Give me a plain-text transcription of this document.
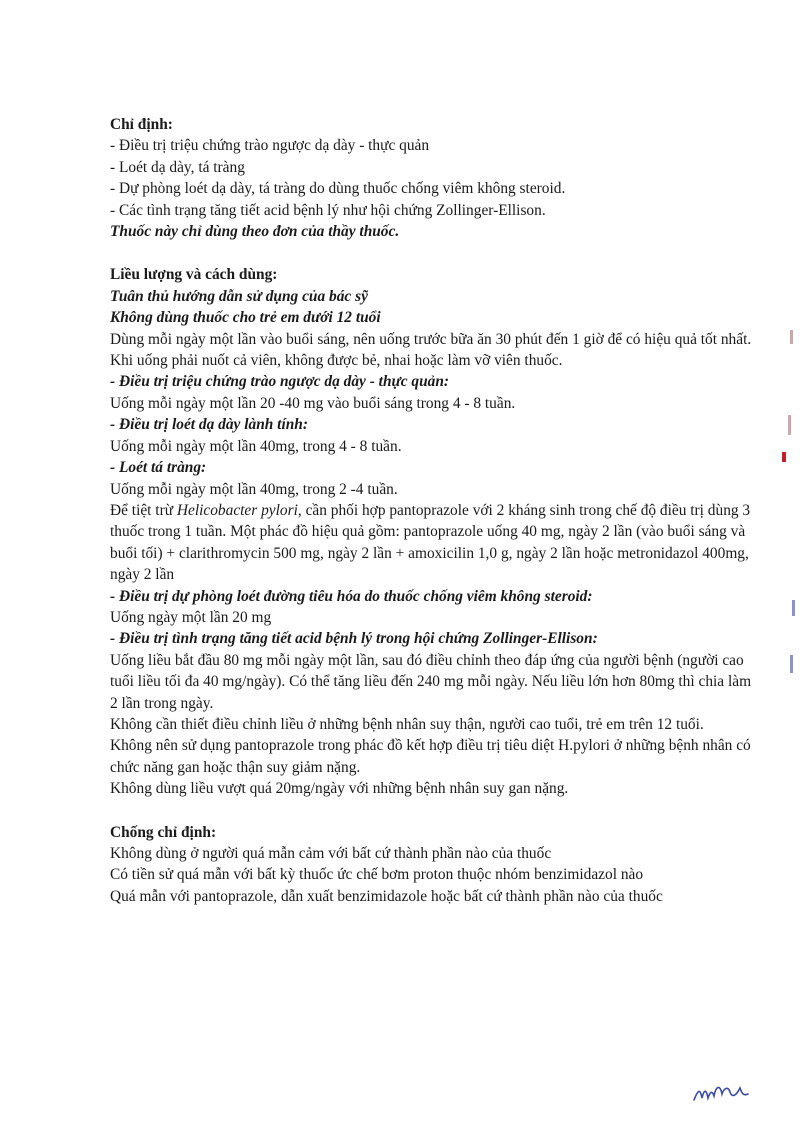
Chỉ định:
- Điều trị triệu chứng trào ngược dạ dày - thực quản
- Loét dạ dày, tá tràng
- Dự phòng loét dạ dày, tá tràng do dùng thuốc chống viêm không steroid.
- Các tình trạng tăng tiết acid bệnh lý như hội chứng Zollinger-Ellison.
Thuốc này chỉ dùng theo đơn của thầy thuốc.
Liều lượng và cách dùng:
Tuân thủ hướng dẫn sử dụng của bác sỹ
Không dùng thuốc cho trẻ em dưới 12 tuổi
Dùng mỗi ngày một lần vào buổi sáng, nên uống trước bữa ăn 30 phút đến 1 giờ để có hiệu quả tốt nhất. Khi uống phải nuốt cả viên, không được bẻ, nhai hoặc làm vỡ viên thuốc.
- Điều trị triệu chứng trào ngược dạ dày - thực quản:
Uống mỗi ngày một lần 20 -40 mg vào buổi sáng trong 4 - 8 tuần.
- Điều trị loét dạ dày lành tính:
Uống mỗi ngày một lần 40mg, trong 4 - 8 tuần.
- Loét tá tràng:
Uống mỗi ngày một lần 40mg, trong 2 -4 tuần.
Để tiệt trừ Helicobacter pylori, cần phối hợp pantoprazole với 2 kháng sinh trong chế độ điều trị dùng 3 thuốc trong 1 tuần. Một phác đồ hiệu quả gồm: pantoprazole uống 40 mg, ngày 2 lần (vào buổi sáng và buổi tối) + clarithromycin 500 mg, ngày 2 lần + amoxicilin 1,0 g, ngày 2 lần hoặc metronidazol 400mg, ngày 2 lần
- Điều trị dự phòng loét đường tiêu hóa do thuốc chống viêm không steroid:
Uống ngày một lần 20 mg
- Điều trị tình trạng tăng tiết acid bệnh lý trong hội chứng Zollinger-Ellison:
Uống liều bắt đầu 80 mg mỗi ngày một lần, sau đó điều chỉnh theo đáp ứng của người bệnh (người cao tuổi liều tối đa 40 mg/ngày). Có thể tăng liều đến 240 mg mỗi ngày. Nếu liều lớn hơn 80mg thì chia làm 2 lần trong ngày.
Không cần thiết điều chỉnh liều ở những bệnh nhân suy thận, người cao tuổi, trẻ em trên 12 tuổi.
Không nên sử dụng pantoprazole trong phác đồ kết hợp điều trị tiêu diệt H.pylori ở những bệnh nhân có chức năng gan hoặc thận suy giảm nặng.
Không dùng liều vượt quá 20mg/ngày với những bệnh nhân suy gan nặng.
Chống chỉ định:
Không dùng ở người quá mẫn cảm với bất cứ thành phần nào của thuốc
Có tiền sử quá mẫn với bất kỳ thuốc ức chế bơm proton thuộc nhóm benzimidazol nào
Quá mẫn với pantoprazole, dẫn xuất benzimidazole hoặc bất cứ thành phần nào của thuốc
